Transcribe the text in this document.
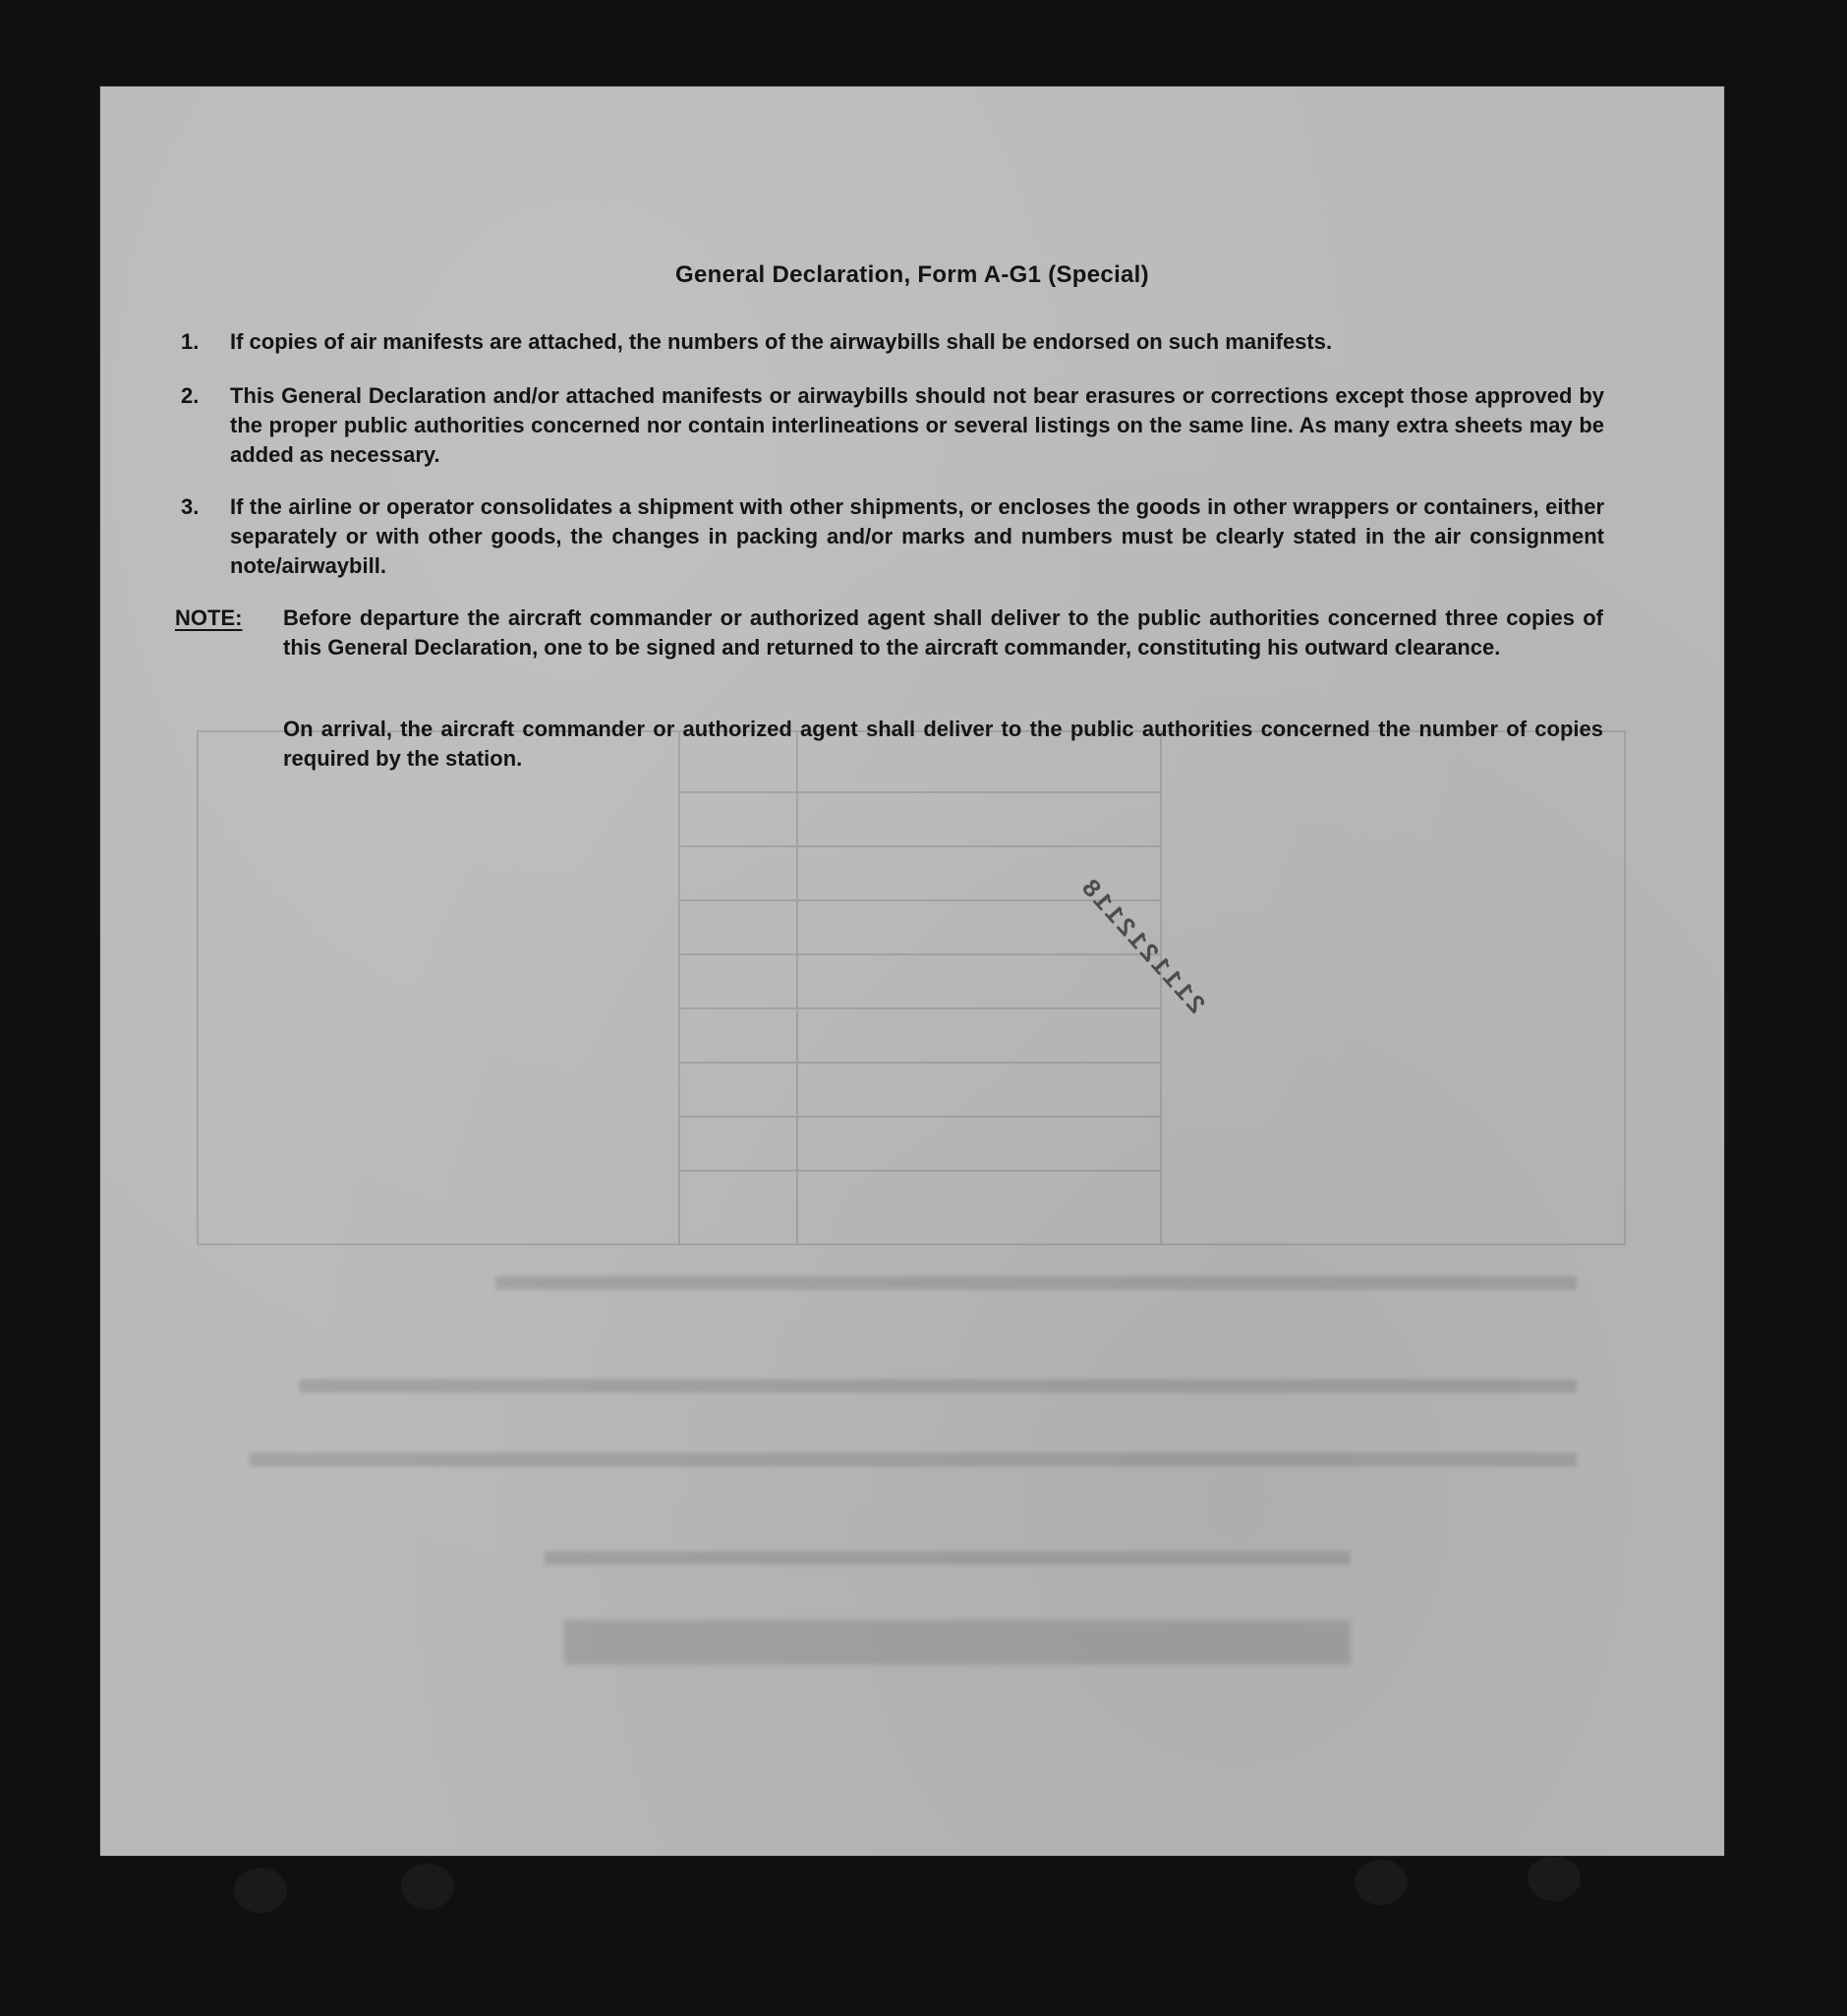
General Declaration, Form A-G1 (Special)
1.	If copies of air manifests are attached, the numbers of the airwaybills shall be endorsed on such manifests.
2.	This General Declaration and/or attached manifests or airwaybills should not bear erasures or corrections except those approved by the proper public authorities concerned nor contain interlineations or several listings on the same line. As many extra sheets may be added as necessary.
3.	If the airline or operator consolidates a shipment with other shipments, or encloses the goods in other wrappers or containers, either separately or with other goods, the changes in packing and/or marks and numbers must be clearly stated in the air consignment note/airwaybill.
NOTE: Before departure the aircraft commander or authorized agent shall deliver to the public authorities concerned three copies of this General Declaration, one to be signed and returned to the aircraft commander, constituting his outward clearance.
On arrival, the aircraft commander or authorized agent shall deliver to the public authorities concerned the number of copies required by the station.
2111212118
